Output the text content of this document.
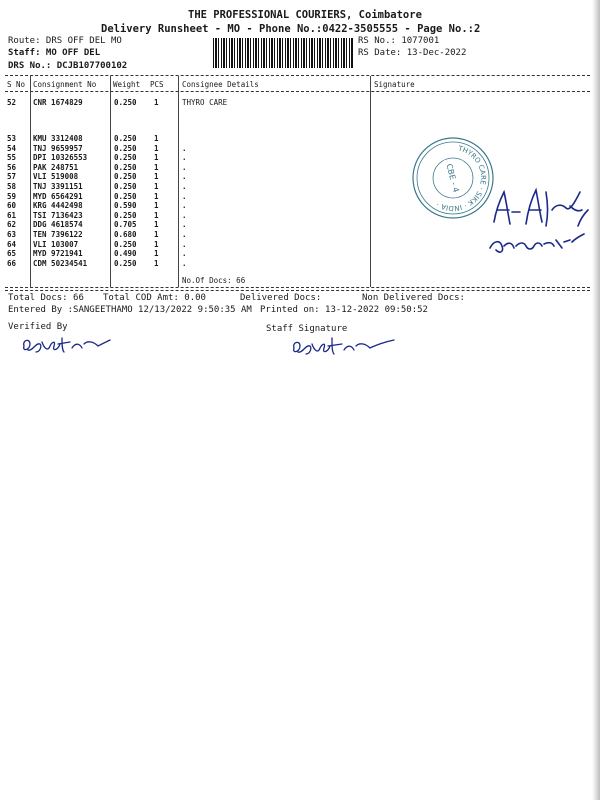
THE PROFESSIONAL COURIERS, Coimbatore
Delivery Runsheet - MO - Phone No.:0422-3505555 - Page No.:2
Route: DRS OFF DEL MO
Staff: MO OFF DEL
DRS No.: DCJB107700102
RS No.: 1077001
RS Date: 13-Dec-2022
S No Consignment No Weight PCS Consignee Details	Signature
52 CNR 1674829	0.250 1	THYRO CARE
53 KMU 3312408	0.250 1
54 TNJ 9659957	0.250 1	.
55 DPI 10326553	0.250 1	.
56 PAK 248751	0.250 1	.
57 VLI 519008	0.250 1	.
58 TNJ 3391151	0.250 1	.
59 MYD 6564291	0.250 1	.
60 KRG 4442498	0.590 1	.
61 TSI 7136423	0.250 1	.
62 DDG 4618574	0.705 1	.
63 TEN 7396122	0.680 1	.
64 VLI 103007	0.250 1	.
65 MYD 9721941	0.490 1	.
66 CDM 50234541	0.250 1	.
No.Of Docs: 66
THYRO CARE · SIKK · INDIA ·
CBE - 4
Total Docs: 66 Total COD Amt: 0.00	Delivered Docs:	Non Delivered Docs:
Entered By :SANGEETHAMO 12/13/2022 9:50:35 AM Printed on: 13-12-2022 09:50:52
Verified By	Staff Signature
